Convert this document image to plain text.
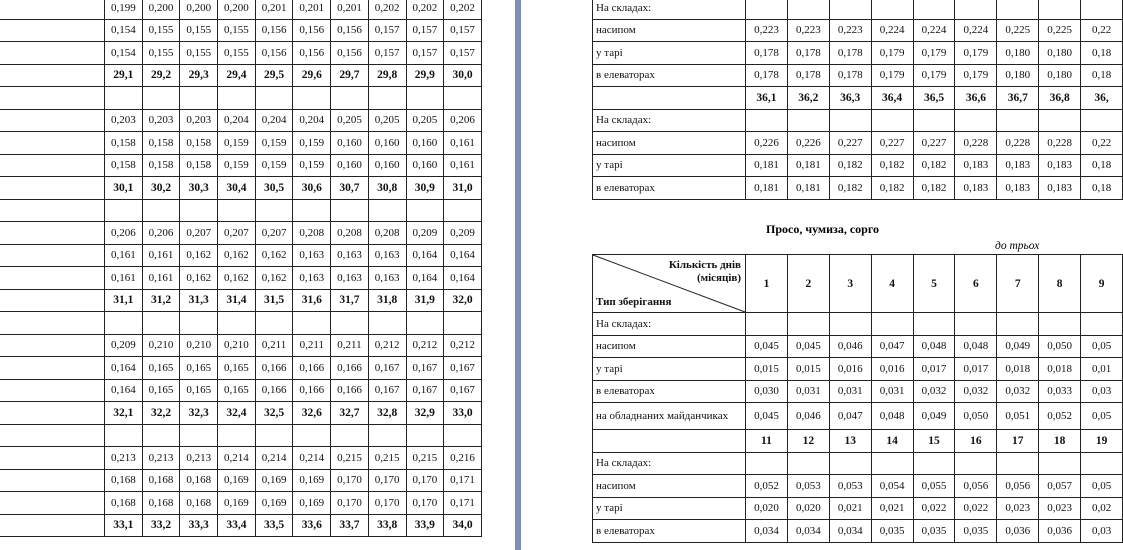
	0,199	0,200	0,200	0,200	0,201	0,201	0,201	0,202	0,202	0,202
	0,154	0,155	0,155	0,155	0,156	0,156	0,156	0,157	0,157	0,157
	0,154	0,155	0,155	0,155	0,156	0,156	0,156	0,157	0,157	0,157
	29,1	29,2	29,3	29,4	29,5	29,6	29,7	29,8	29,9	30,0

	0,203	0,203	0,203	0,204	0,204	0,204	0,205	0,205	0,205	0,206
	0,158	0,158	0,158	0,159	0,159	0,159	0,160	0,160	0,160	0,161
	0,158	0,158	0,158	0,159	0,159	0,159	0,160	0,160	0,160	0,161
	30,1	30,2	30,3	30,4	30,5	30,6	30,7	30,8	30,9	31,0

	0,206	0,206	0,207	0,207	0,207	0,208	0,208	0,208	0,209	0,209
	0,161	0,161	0,162	0,162	0,162	0,163	0,163	0,163	0,164	0,164
	0,161	0,161	0,162	0,162	0,162	0,163	0,163	0,163	0,164	0,164
	31,1	31,2	31,3	31,4	31,5	31,6	31,7	31,8	31,9	32,0

	0,209	0,210	0,210	0,210	0,211	0,211	0,211	0,212	0,212	0,212
	0,164	0,165	0,165	0,165	0,166	0,166	0,166	0,167	0,167	0,167
	0,164	0,165	0,165	0,165	0,166	0,166	0,166	0,167	0,167	0,167
	32,1	32,2	32,3	32,4	32,5	32,6	32,7	32,8	32,9	33,0

	0,213	0,213	0,213	0,214	0,214	0,214	0,215	0,215	0,215	0,216
	0,168	0,168	0,168	0,169	0,169	0,169	0,170	0,170	0,170	0,171
	0,168	0,168	0,168	0,169	0,169	0,169	0,170	0,170	0,170	0,171
	33,1	33,2	33,3	33,4	33,5	33,6	33,7	33,8	33,9	34,0
На складах:									
насипом	0,223	0,223	0,223	0,224	0,224	0,224	0,225	0,225	0,22
у тарі	0,178	0,178	0,178	0,179	0,179	0,179	0,180	0,180	0,18
в елеваторах	0,178	0,178	0,178	0,179	0,179	0,179	0,180	0,180	0,18
	36,1	36,2	36,3	36,4	36,5	36,6	36,7	36,8	36,
На складах:									
насипом	0,226	0,226	0,227	0,227	0,227	0,228	0,228	0,228	0,22
у тарі	0,181	0,181	0,182	0,182	0,182	0,183	0,183	0,183	0,18
в елеваторах	0,181	0,181	0,182	0,182	0,182	0,183	0,183	0,183	0,18
Просо, чумиза, сорго
до трьох
Кількість днів
(місяців)
Тип зберігання	1	2	3	4	5	6	7	8	9
На складах:									
насипом	0,045	0,045	0,046	0,047	0,048	0,048	0,049	0,050	0,05
у тарі	0,015	0,015	0,016	0,016	0,017	0,017	0,018	0,018	0,01
в елеваторах	0,030	0,031	0,031	0,031	0,032	0,032	0,032	0,033	0,03
на обладнаних майданчиках	0,045	0,046	0,047	0,048	0,049	0,050	0,051	0,052	0,05
	11	12	13	14	15	16	17	18	19
На складах:									
насипом	0,052	0,053	0,053	0,054	0,055	0,056	0,056	0,057	0,05
у тарі	0,020	0,020	0,021	0,021	0,022	0,022	0,023	0,023	0,02
в елеваторах	0,034	0,034	0,034	0,035	0,035	0,035	0,036	0,036	0,03
